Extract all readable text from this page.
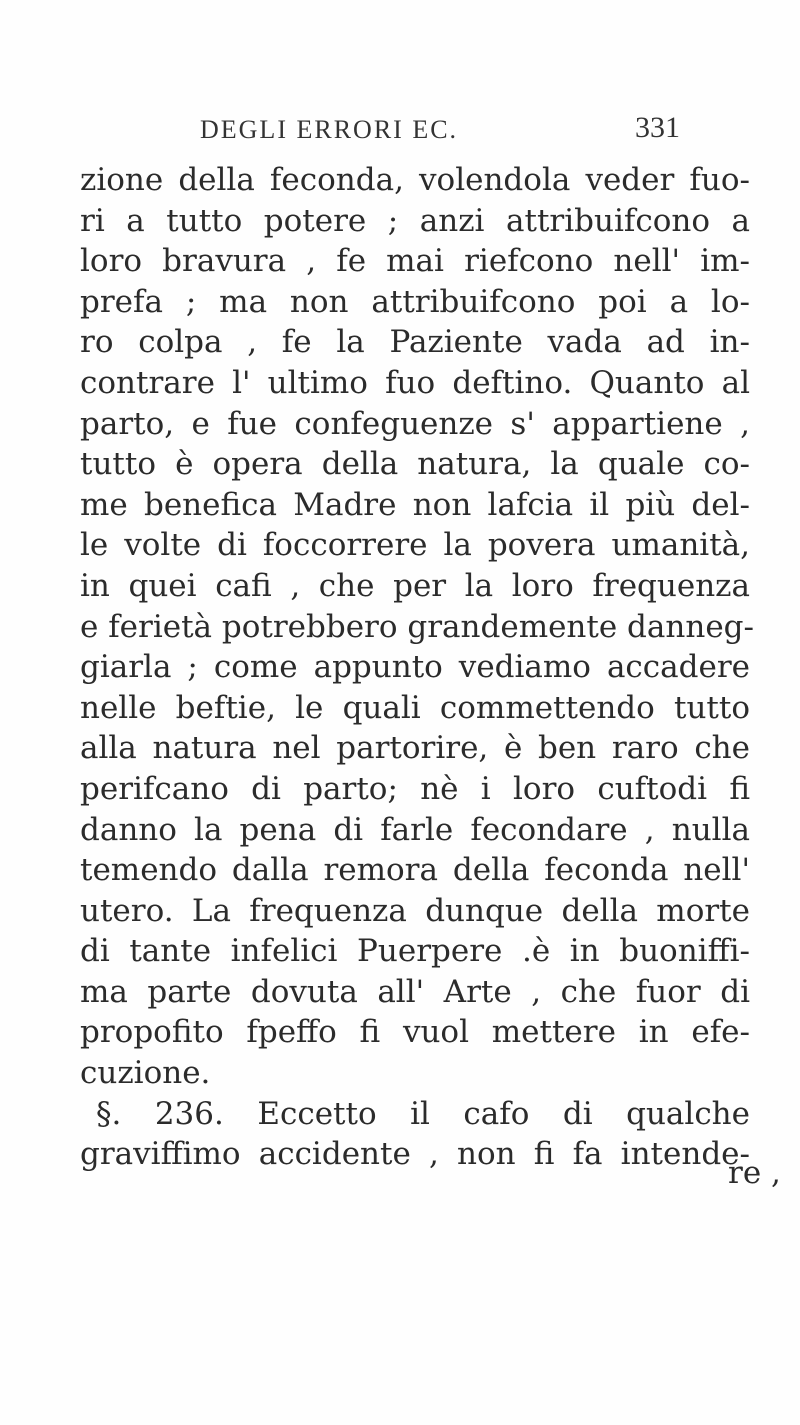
DEGLI ERRORI EC.	331
zione della feconda, volendola veder fuo-
ri a tutto potere ; anzi attribuifcono a
loro bravura , fe mai riefcono nell' im-
prefa ; ma non attribuifcono poi a lo-
ro colpa , fe la Paziente vada ad in-
contrare l' ultimo fuo deftino. Quanto al
parto, e fue confeguenze s' appartiene ,
tutto è opera della natura, la quale co-
me benefica Madre non lafcia il più del-
le volte di foccorrere la povera umanità,
in quei cafi , che per la loro frequenza
e ferietà potrebbero grandemente danneg-
giarla ; come appunto vediamo accadere
nelle beftie, le quali commettendo tutto
alla natura nel partorire, è ben raro che
perifcano di parto; nè i loro cuftodi fi
danno la pena di farle fecondare , nulla
temendo dalla remora della feconda nell'
utero. La frequenza dunque della morte
di tante infelici Puerpere .è in buoniffi-
ma parte dovuta all' Arte , che fuor di
propofito fpeffo fi vuol mettere in efe-
cuzione.
§. 236. Eccetto il cafo di qualche
graviffimo accidente , non fi fa intende-
re ,
